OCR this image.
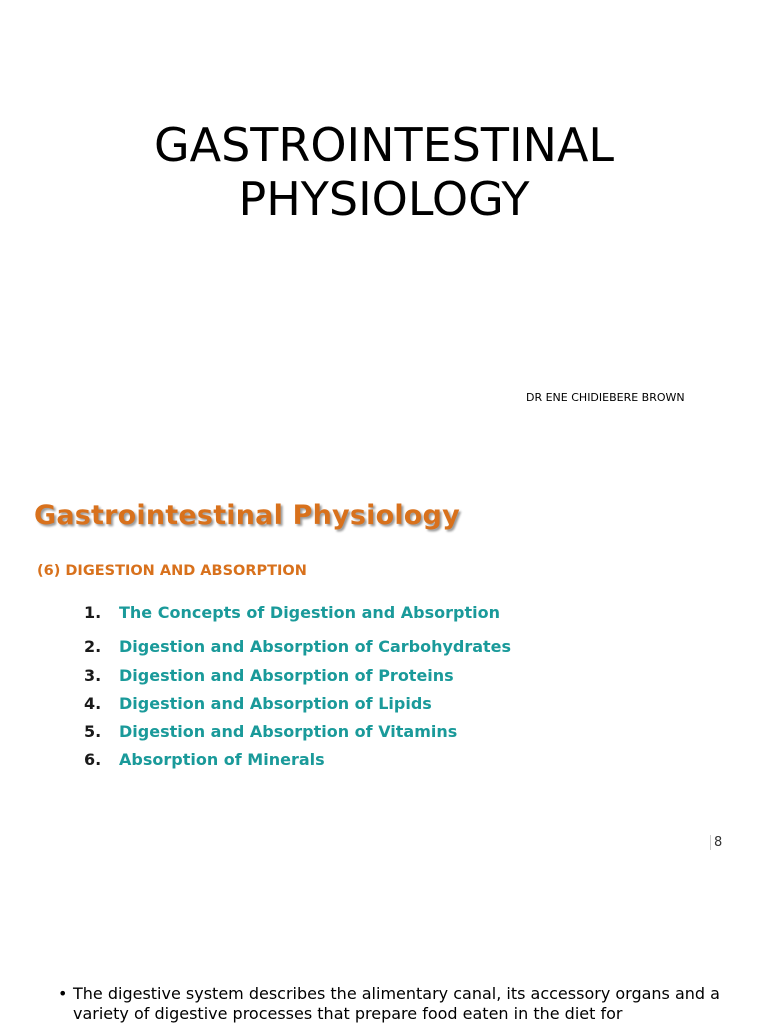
GASTROINTESTINAL
PHYSIOLOGY
DR ENE CHIDIEBERE BROWN
Gastrointestinal Physiology
(6) DIGESTION AND ABSORPTION
1.	The Concepts of Digestion and Absorption
2.	Digestion and Absorption of Carbohydrates
3.	Digestion and Absorption of Proteins
4.	Digestion and Absorption of Lipids
5.	Digestion and Absorption of Vitamins
6.	Absorption of Minerals
8
• The digestive system describes the alimentary canal, its accessory organs and a variety of digestive processes that prepare food eaten in the diet for
